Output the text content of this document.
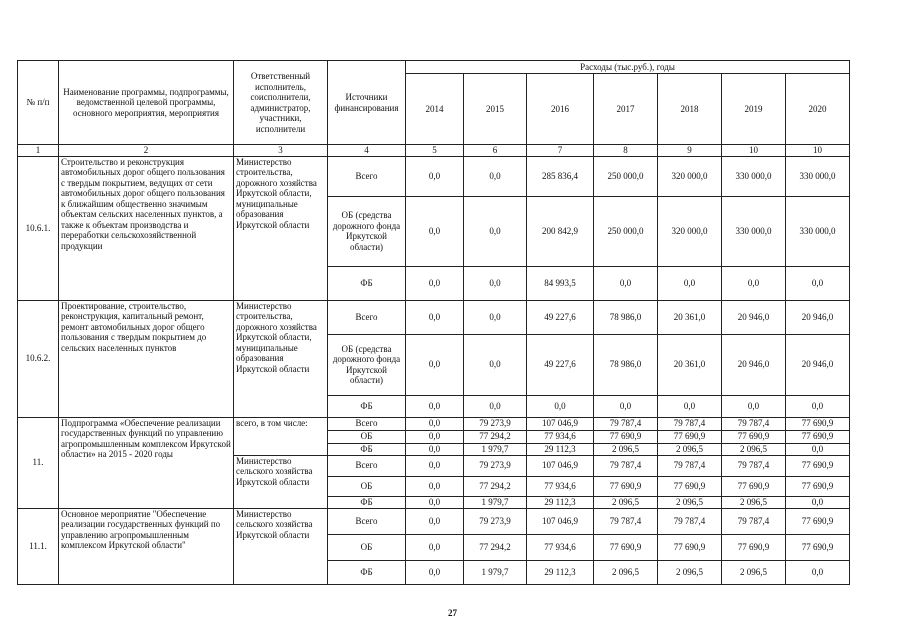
№ п/п	Наименование программы, подпрограммы, ведомственной целевой программы, основного мероприятия, мероприятия	Ответственный исполнитель, соисполнители, администратор, участники, исполнители	Источники финансирования	Расходы (тыс.руб.), годы						
				2014	2015	2016	2017	2018	2019	2020
1	2	3	4	5	6	7	8	9	10	10
10.6.1.	Строительство и реконструкция автомобильных дорог общего пользования с твердым покрытием, ведущих от сети автомобильных дорог общего пользования к ближайшим общественно значимым объектам сельских населенных пунктов, а также к объектам производства и переработки сельскохозяйственной продукции	Министерство строительства, дорожного хозяйства Иркутской области, муниципальные образования Иркутской области	Всего	0,0	0,0	285 836,4	250 000,0	320 000,0	330 000,0	330 000,0
			ОБ (средства дорожного фонда Иркутской области)	0,0	0,0	200 842,9	250 000,0	320 000,0	330 000,0	330 000,0
			ФБ	0,0	0,0	84 993,5	0,0	0,0	0,0	0,0
10.6.2.	Проектирование, строительство, реконструкция, капитальный ремонт, ремонт автомобильных дорог общего пользования с твердым покрытием до сельских населенных пунктов	Министерство строительства, дорожного хозяйства Иркутской области, муниципальные образования Иркутской области	Всего	0,0	0,0	49 227,6	78 986,0	20 361,0	20 946,0	20 946,0
			ОБ (средства дорожного фонда Иркутской области)	0,0	0,0	49 227,6	78 986,0	20 361,0	20 946,0	20 946,0
			ФБ	0,0	0,0	0,0	0,0	0,0	0,0	0,0
11.	Подпрограмма «Обеспечение реализации государственных функций по управлению агропромышленным комплексом Иркутской области» на 2015 - 2020 годы	всего, в том числе:	Всего	0,0	79 273,9	107 046,9	79 787,4	79 787,4	79 787,4	77 690,9
			ОБ	0,0	77 294,2	77 934,6	77 690,9	77 690,9	77 690,9	77 690,9
			ФБ	0,0	1 979,7	29 112,3	2 096,5	2 096,5	2 096,5	0,0
		Министерство сельского хозяйства Иркутской области	Всего	0,0	79 273,9	107 046,9	79 787,4	79 787,4	79 787,4	77 690,9
			ОБ	0,0	77 294,2	77 934,6	77 690,9	77 690,9	77 690,9	77 690,9
			ФБ	0,0	1 979,7	29 112,3	2 096,5	2 096,5	2 096,5	0,0
11.1.	Основное мероприятие "Обеспечение реализации государственных функций по управлению агропромышленным комплексом Иркутской области"	Министерство сельского хозяйства Иркутской области	Всего	0,0	79 273,9	107 046,9	79 787,4	79 787,4	79 787,4	77 690,9
			ОБ	0,0	77 294,2	77 934,6	77 690,9	77 690,9	77 690,9	77 690,9
			ФБ	0,0	1 979,7	29 112,3	2 096,5	2 096,5	2 096,5	0,0
27
